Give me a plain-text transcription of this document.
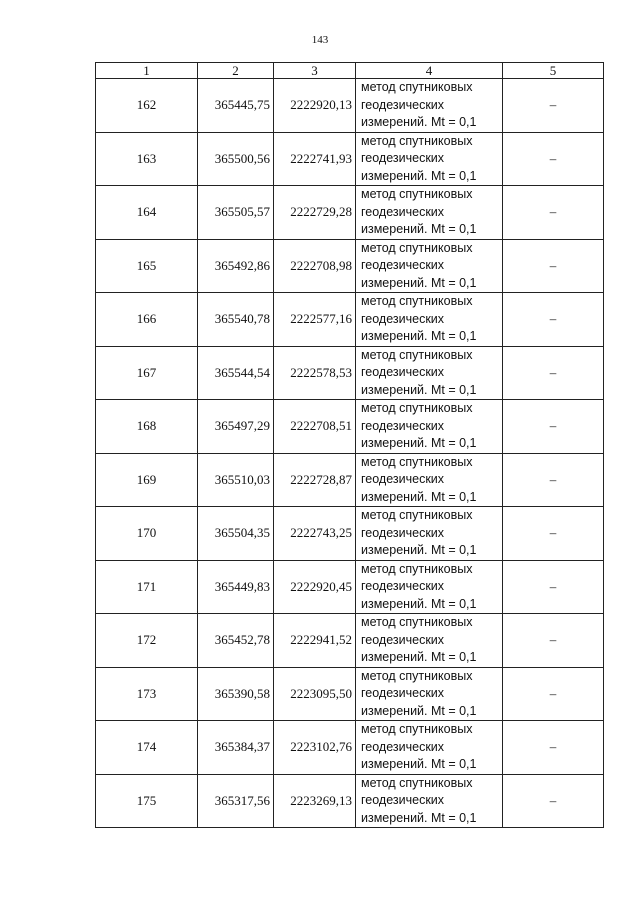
143
1	2	3	4	5
162	365445,75	2222920,13	метод спутниковых
геодезических
измерений. Mt = 0,1	–
163	365500,56	2222741,93	метод спутниковых
геодезических
измерений. Mt = 0,1	–
164	365505,57	2222729,28	метод спутниковых
геодезических
измерений. Mt = 0,1	–
165	365492,86	2222708,98	метод спутниковых
геодезических
измерений. Mt = 0,1	–
166	365540,78	2222577,16	метод спутниковых
геодезических
измерений. Mt = 0,1	–
167	365544,54	2222578,53	метод спутниковых
геодезических
измерений. Mt = 0,1	–
168	365497,29	2222708,51	метод спутниковых
геодезических
измерений. Mt = 0,1	–
169	365510,03	2222728,87	метод спутниковых
геодезических
измерений. Mt = 0,1	–
170	365504,35	2222743,25	метод спутниковых
геодезических
измерений. Mt = 0,1	–
171	365449,83	2222920,45	метод спутниковых
геодезических
измерений. Mt = 0,1	–
172	365452,78	2222941,52	метод спутниковых
геодезических
измерений. Mt = 0,1	–
173	365390,58	2223095,50	метод спутниковых
геодезических
измерений. Mt = 0,1	–
174	365384,37	2223102,76	метод спутниковых
геодезических
измерений. Mt = 0,1	–
175	365317,56	2223269,13	метод спутниковых
геодезических
измерений. Mt = 0,1	–
